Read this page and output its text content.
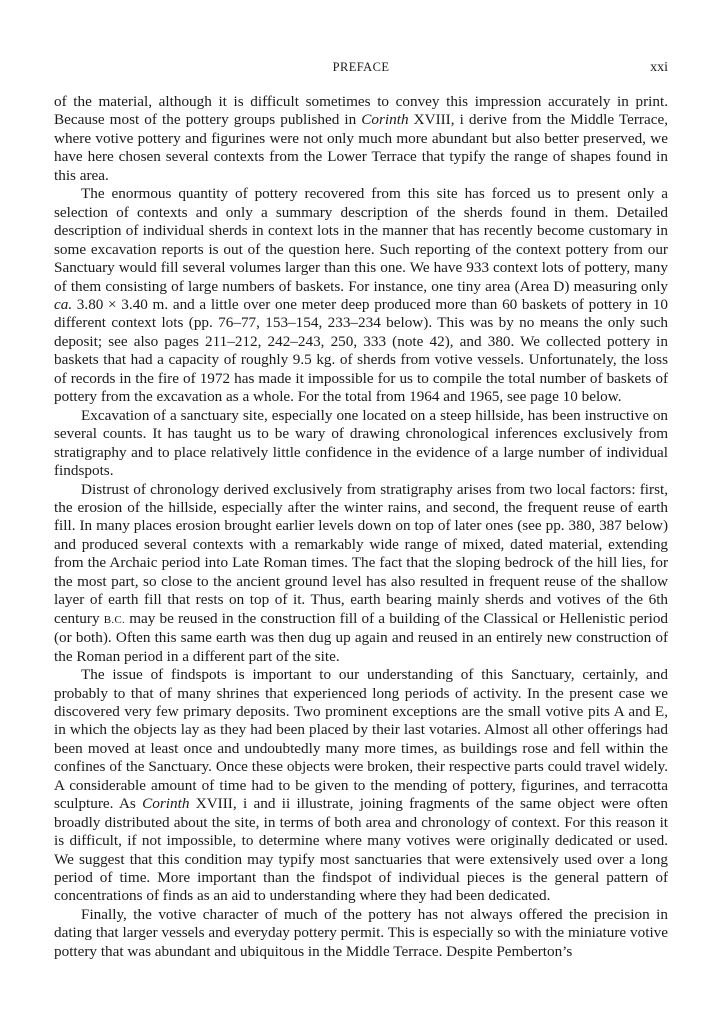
PREFACE	xxi

of the material, although it is difficult sometimes to convey this impression accurately in print. Because most of the pottery groups published in Corinth XVIII, i derive from the Middle Terrace, where votive pottery and figurines were not only much more abundant but also better preserved, we have here chosen several contexts from the Lower Terrace that typify the range of shapes found in this area.

The enormous quantity of pottery recovered from this site has forced us to present only a selection of contexts and only a summary description of the sherds found in them. Detailed description of individual sherds in context lots in the manner that has recently become customary in some excavation reports is out of the question here. Such reporting of the context pottery from our Sanctuary would fill several volumes larger than this one. We have 933 context lots of pottery, many of them consisting of large numbers of baskets. For instance, one tiny area (Area D) measuring only ca. 3.80 × 3.40 m. and a little over one meter deep produced more than 60 baskets of pottery in 10 different context lots (pp. 76–77, 153–154, 233–234 below). This was by no means the only such deposit; see also pages 211–212, 242–243, 250, 333 (note 42), and 380. We collected pottery in baskets that had a capacity of roughly 9.5 kg. of sherds from votive vessels. Unfortunately, the loss of records in the fire of 1972 has made it impossible for us to compile the total number of baskets of pottery from the excavation as a whole. For the total from 1964 and 1965, see page 10 below.

Excavation of a sanctuary site, especially one located on a steep hillside, has been instructive on several counts. It has taught us to be wary of drawing chronological inferences exclusively from stratigraphy and to place relatively little confidence in the evidence of a large number of individual findspots.

Distrust of chronology derived exclusively from stratigraphy arises from two local factors: first, the erosion of the hillside, especially after the winter rains, and second, the frequent reuse of earth fill. In many places erosion brought earlier levels down on top of later ones (see pp. 380, 387 below) and produced several contexts with a remarkably wide range of mixed, dated material, extending from the Archaic period into Late Roman times. The fact that the sloping bedrock of the hill lies, for the most part, so close to the ancient ground level has also resulted in frequent reuse of the shallow layer of earth fill that rests on top of it. Thus, earth bearing mainly sherds and votives of the 6th century B.C. may be reused in the construction fill of a building of the Classical or Hellenistic period (or both). Often this same earth was then dug up again and reused in an entirely new construction of the Roman period in a different part of the site.

The issue of findspots is important to our understanding of this Sanctuary, certainly, and probably to that of many shrines that experienced long periods of activity. In the present case we discovered very few primary deposits. Two prominent exceptions are the small votive pits A and E, in which the objects lay as they had been placed by their last votaries. Almost all other offerings had been moved at least once and undoubtedly many more times, as buildings rose and fell within the confines of the Sanctuary. Once these objects were broken, their respective parts could travel widely. A considerable amount of time had to be given to the mending of pottery, figurines, and terracotta sculpture. As Corinth XVIII, i and ii illustrate, joining fragments of the same object were often broadly distributed about the site, in terms of both area and chronology of context. For this reason it is difficult, if not impossible, to determine where many votives were originally dedicated or used. We suggest that this condition may typify most sanctuaries that were extensively used over a long period of time. More important than the findspot of individual pieces is the general pattern of concentrations of finds as an aid to understanding where they had been dedicated.

Finally, the votive character of much of the pottery has not always offered the precision in dating that larger vessels and everyday pottery permit. This is especially so with the miniature votive pottery that was abundant and ubiquitous in the Middle Terrace. Despite Pemberton’s
